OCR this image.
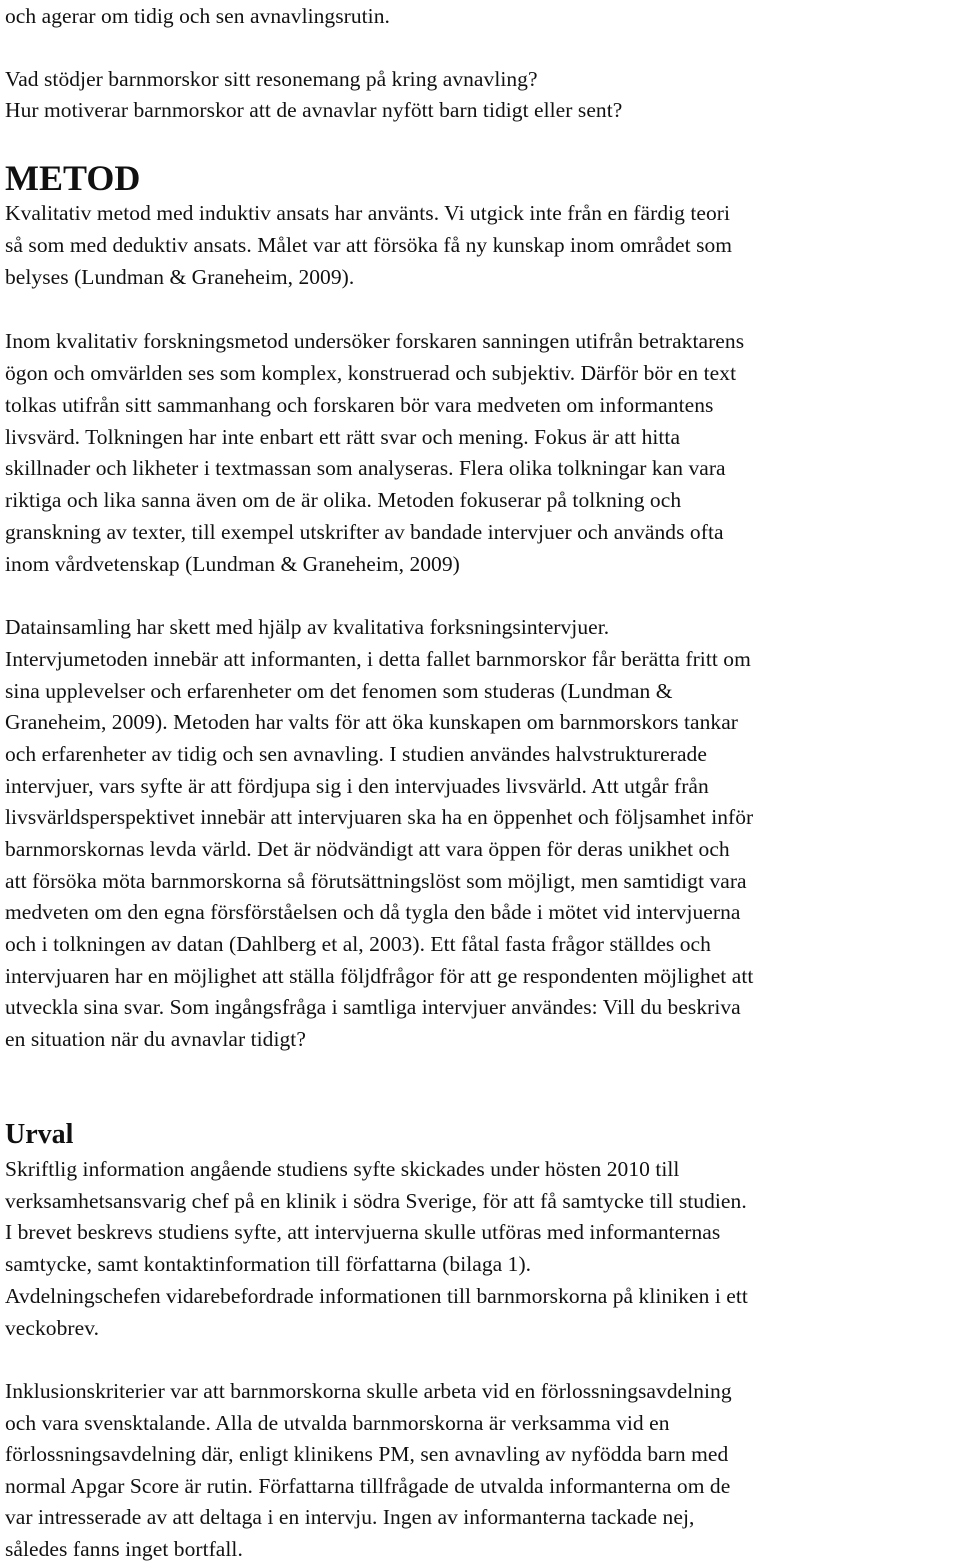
och agerar om tidig och sen avnavlingsrutin.
Vad stödjer barnmorskor sitt resonemang på kring avnavling?
Hur motiverar barnmorskor att de avnavlar nyfött barn tidigt eller sent?
METOD
Kvalitativ metod med induktiv ansats har använts. Vi utgick inte från en färdig teori
så som med deduktiv ansats. Målet var att försöka få ny kunskap inom området som
belyses (Lundman & Graneheim, 2009).
Inom kvalitativ forskningsmetod undersöker forskaren sanningen utifrån betraktarens
ögon och omvärlden ses som komplex, konstruerad och subjektiv. Därför bör en text
tolkas utifrån sitt sammanhang och forskaren bör vara medveten om informantens
livsvärd. Tolkningen har inte enbart ett rätt svar och mening. Fokus är att hitta
skillnader och likheter i textmassan som analyseras. Flera olika tolkningar kan vara
riktiga och lika sanna även om de är olika. Metoden fokuserar på tolkning och
granskning av texter, till exempel utskrifter av bandade intervjuer och används ofta
inom vårdvetenskap (Lundman & Graneheim, 2009)
Datainsamling har skett med hjälp av kvalitativa forksningsintervjuer.
Intervjumetoden innebär att informanten, i detta fallet barnmorskor får berätta fritt om
sina upplevelser och erfarenheter om det fenomen som studeras (Lundman &
Graneheim, 2009). Metoden har valts för att öka kunskapen om barnmorskors tankar
och erfarenheter av tidig och sen avnavling. I studien användes halvstrukturerade
intervjuer, vars syfte är att fördjupa sig i den intervjuades livsvärld. Att utgår från
livsvärldsperspektivet innebär att intervjuaren ska ha en öppenhet och följsamhet inför
barnmorskornas levda värld. Det är nödvändigt att vara öppen för deras unikhet och
att försöka möta barnmorskorna så förutsättningslöst som möjligt, men samtidigt vara
medveten om den egna försförståelsen och då tygla den både i mötet vid intervjuerna
och i tolkningen av datan (Dahlberg et al, 2003). Ett fåtal fasta frågor ställdes och
intervjuaren har en möjlighet att ställa följdfrågor för att ge respondenten möjlighet att
utveckla sina svar. Som ingångsfråga i samtliga intervjuer användes: Vill du beskriva
en situation när du avnavlar tidigt?
Urval
Skriftlig information angående studiens syfte skickades under hösten 2010 till
verksamhetsansvarig chef på en klinik i södra Sverige, för att få samtycke till studien.
I brevet beskrevs studiens syfte, att intervjuerna skulle utföras med informanternas
samtycke, samt kontaktinformation till författarna (bilaga 1).
Avdelningschefen vidarebefordrade informationen till barnmorskorna på kliniken i ett
veckobrev.
Inklusionskriterier var att barnmorskorna skulle arbeta vid en förlossningsavdelning
och vara svensktalande. Alla de utvalda barnmorskorna är verksamma vid en
förlossningsavdelning där, enligt klinikens PM, sen avnavling av nyfödda barn med
normal Apgar Score är rutin. Författarna tillfrågade de utvalda informanterna om de
var intresserade av att deltaga i en intervju. Ingen av informanterna tackade nej,
således fanns inget bortfall.
